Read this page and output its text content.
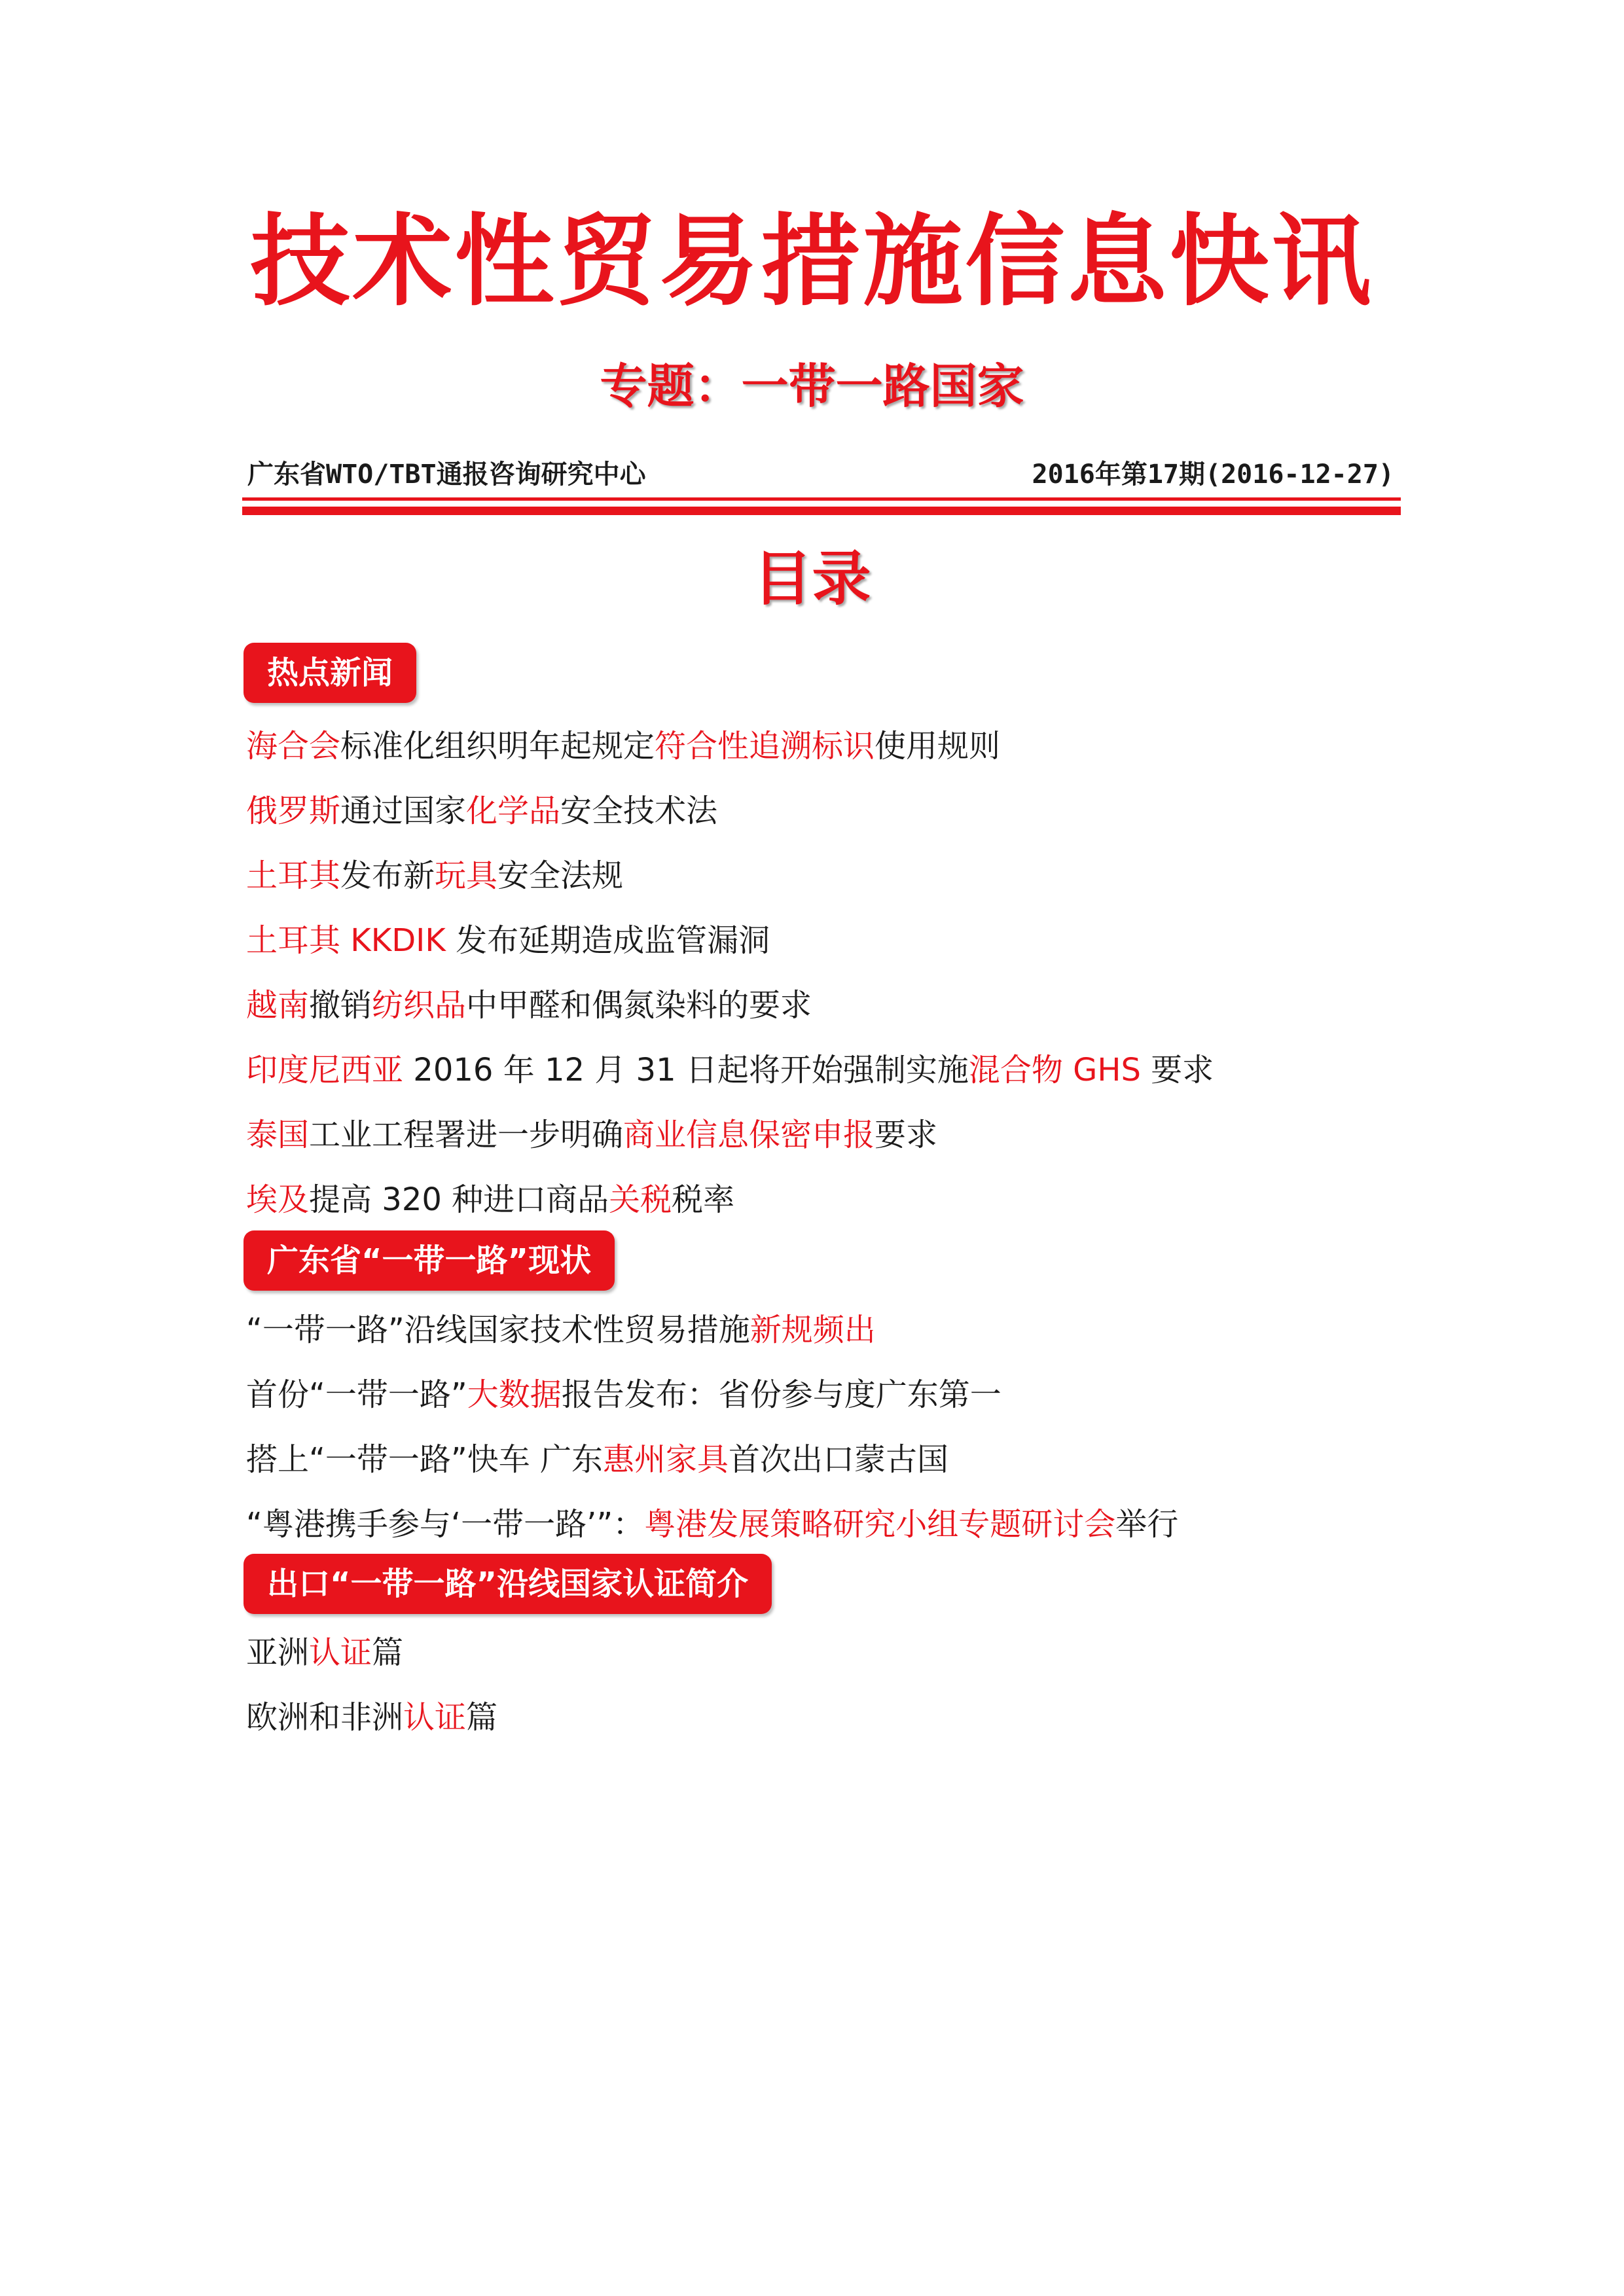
技术性贸易措施信息快讯
专题：一带一路国家
广东省WTO/TBT通报咨询研究中心	2016年第17期(2016-12-27)
目录
热点新闻
海合会标准化组织明年起规定符合性追溯标识使用规则
俄罗斯通过国家化学品安全技术法
土耳其发布新玩具安全法规
土耳其 KKDIK 发布延期造成监管漏洞
越南撤销纺织品中甲醛和偶氮染料的要求
印度尼西亚 2016 年 12 月 31 日起将开始强制实施混合物 GHS 要求
泰国工业工程署进一步明确商业信息保密申报要求
埃及提高 320 种进口商品关税税率
广东省“一带一路”现状
“一带一路”沿线国家技术性贸易措施新规频出
首份“一带一路”大数据报告发布：省份参与度广东第一
搭上“一带一路”快车 广东惠州家具首次出口蒙古国
“粤港携手参与‘一带一路’”：粤港发展策略研究小组专题研讨会举行
出口“一带一路”沿线国家认证简介
亚洲认证篇
欧洲和非洲认证篇
